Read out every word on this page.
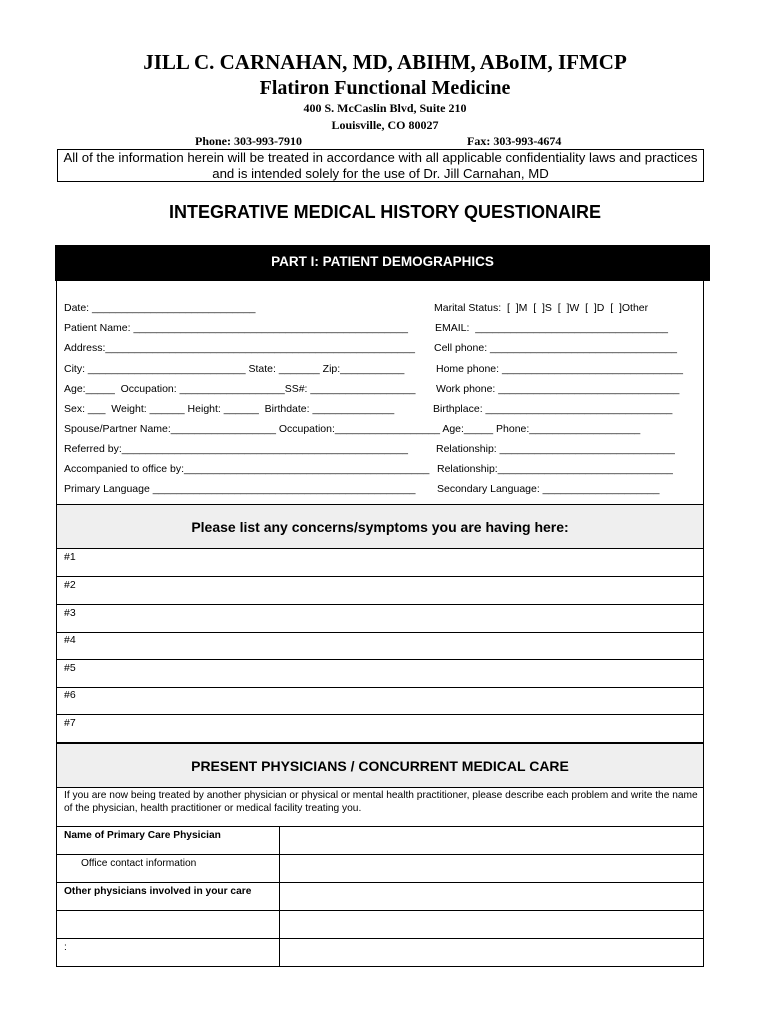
JILL C. CARNAHAN, MD, ABIHM, ABoIM, IFMCP
Flatiron Functional Medicine
400 S. McCaslin Blvd, Suite 210
Louisville, CO 80027
Phone: 303-993-7910	Fax: 303-993-4674
All of the information herein will be treated in accordance with all applicable confidentiality laws and practices and is intended solely for the use of Dr. Jill Carnahan, MD
INTEGRATIVE MEDICAL HISTORY QUESTIONAIRE
PART I: PATIENT DEMOGRAPHICS
Date: ____________________________
Patient Name: _______________________________________________
Address:_____________________________________________________
City: ___________________________ State: _______ Zip:___________
Age:_____  Occupation: __________________SS#: __________________
Sex: ___  Weight: ______ Height: ______  Birthdate: ______________
Spouse/Partner Name:__________________ Occupation:__________________ Age:_____ Phone:___________________
Referred by:_________________________________________________
Accompanied to office by:__________________________________________
Primary Language _____________________________________________
Marital Status:  [  ]M  [  ]S  [  ]W  [  ]D  [  ]Other
EMAIL:  _________________________________
Cell phone: ________________________________
Home phone: _______________________________
Work phone: _______________________________
Birthplace: ________________________________
Relationship: ______________________________
Relationship:______________________________
Secondary Language: ____________________
Please list any concerns/symptoms you are having here:
#1
#2
#3
#4
#5
#6
#7
PRESENT PHYSICIANS / CONCURRENT MEDICAL CARE
If you are now being treated by another physician or physical or mental health practitioner, please describe each problem and write the name of the physician, health practitioner or medical facility treating you.
Name of Primary Care Physician
Office contact information
Other physicians involved in your care
:
